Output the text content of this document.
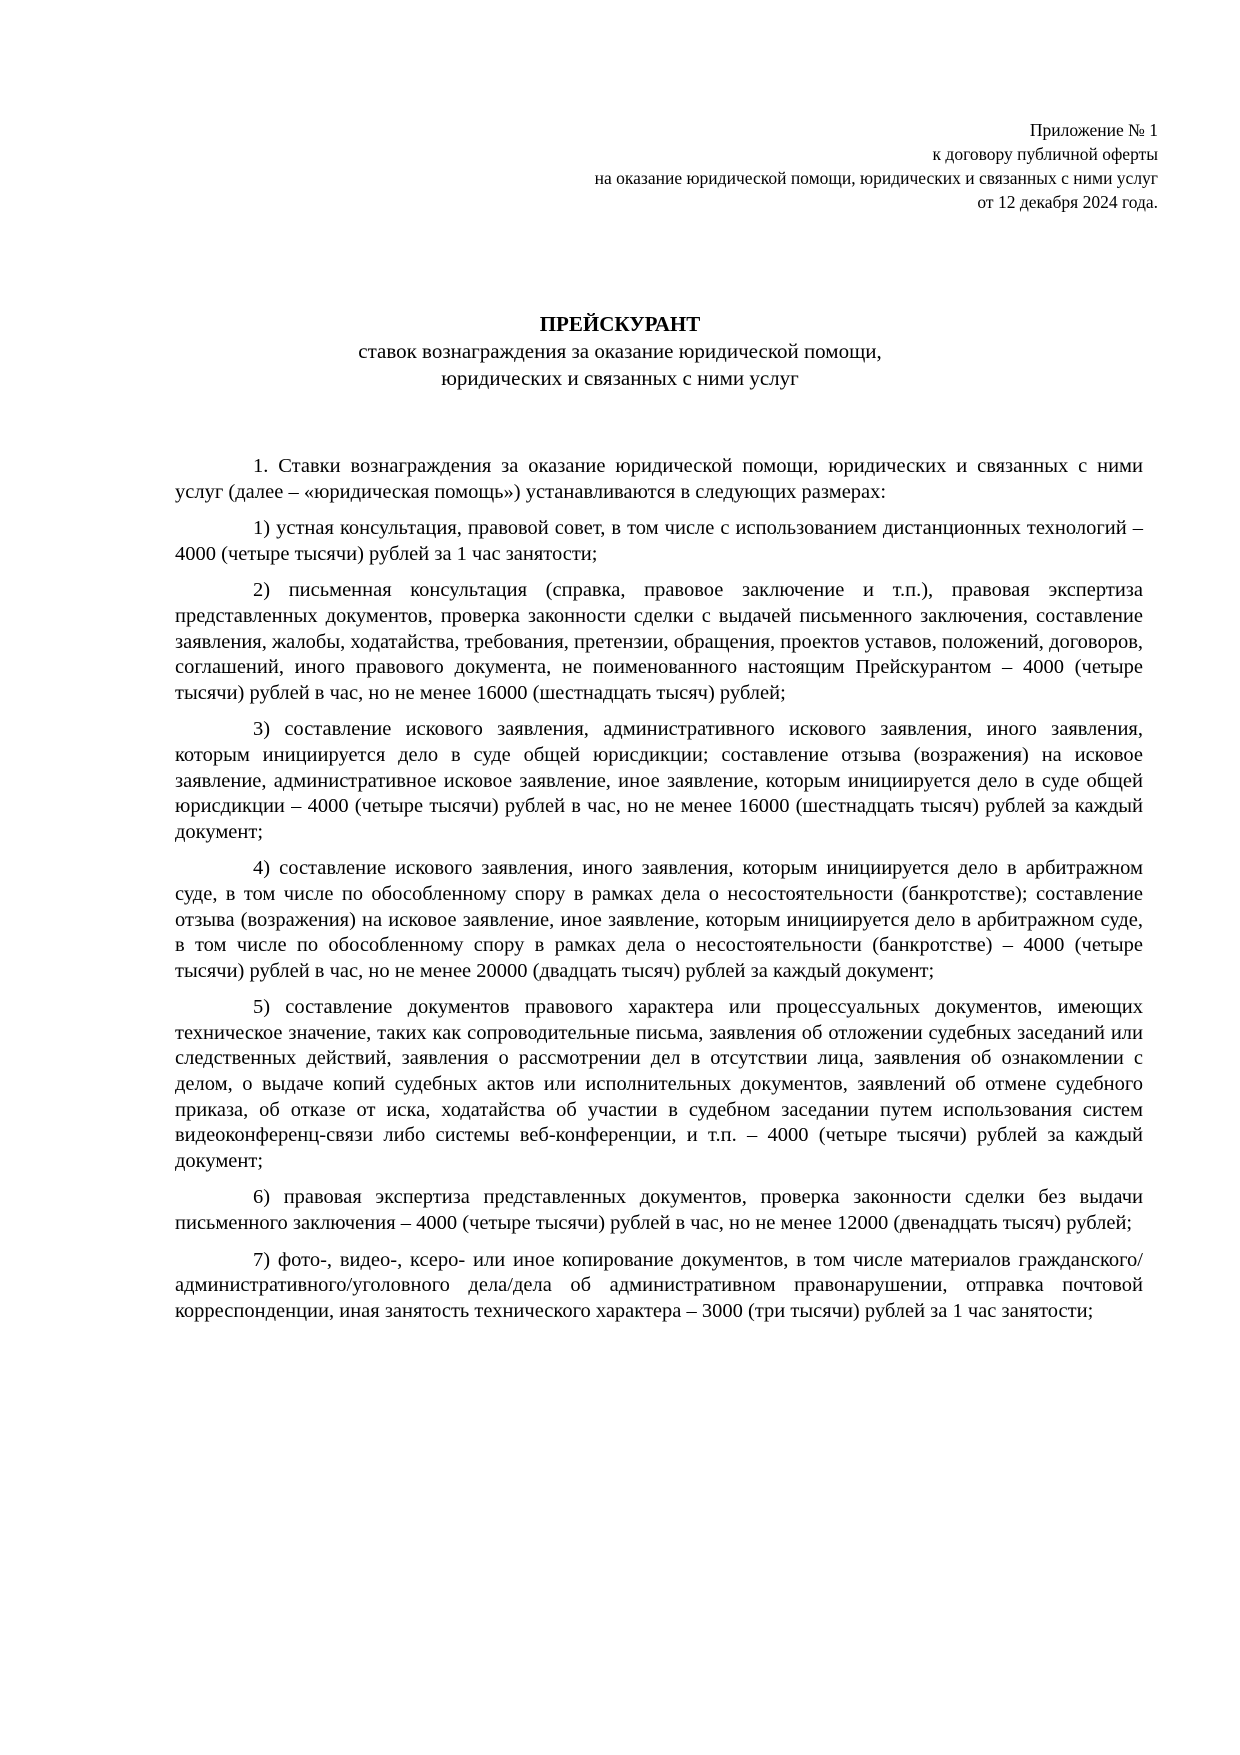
Приложение № 1
к договору публичной оферты
на оказание юридической помощи, юридических и связанных с ними услуг
от 12 декабря 2024 года.
ПРЕЙСКУРАНТ
ставок вознаграждения за оказание юридической помощи,
юридических и связанных с ними услуг

1. Ставки вознаграждения за оказание юридической помощи, юридических и связанных с ними услуг (далее – «юридическая помощь») устанавливаются в следующих размерах:

1) устная консультация, правовой совет, в том числе с использованием дистанционных технологий – 4000 (четыре тысячи) рублей за 1 час занятости;

2) письменная консультация (справка, правовое заключение и т.п.), правовая экспертиза представленных документов, проверка законности сделки с выдачей письменного заключения, составление заявления, жалобы, ходатайства, требования, претензии, обращения, проектов уставов, положений, договоров, соглашений, иного правового документа, не поименованного настоящим Прейскурантом – 4000 (четыре тысячи) рублей в час, но не менее 16000 (шестнадцать тысяч) рублей;

3) составление искового заявления, административного искового заявления, иного заявления, которым инициируется дело в суде общей юрисдикции; составление отзыва (возражения) на исковое заявление, административное исковое заявление, иное заявление, которым инициируется дело в суде общей юрисдикции – 4000 (четыре тысячи) рублей в час, но не менее 16000 (шестнадцать тысяч) рублей за каждый документ;

4) составление искового заявления, иного заявления, которым инициируется дело в арбитражном суде, в том числе по обособленному спору в рамках дела о несостоятельности (банкротстве); составление отзыва (возражения) на исковое заявление, иное заявление, которым инициируется дело в арбитражном суде, в том числе по обособленному спору в рамках дела о несостоятельности (банкротстве) – 4000 (четыре тысячи) рублей в час, но не менее 20000 (двадцать тысяч) рублей за каждый документ;

5) составление документов правового характера или процессуальных документов, имеющих техническое значение, таких как сопроводительные письма, заявления об отложении судебных заседаний или следственных действий, заявления о рассмотрении дел в отсутствии лица, заявления об ознакомлении с делом, о выдаче копий судебных актов или исполнительных документов, заявлений об отмене судебного приказа, об отказе от иска, ходатайства об участии в судебном заседании путем использования систем видеоконференц-связи либо системы веб-конференции, и т.п. – 4000 (четыре тысячи) рублей за каждый документ;

6) правовая экспертиза представленных документов, проверка законности сделки без выдачи письменного заключения – 4000 (четыре тысячи) рублей в час, но не менее 12000 (двенадцать тысяч) рублей;

7) фото-, видео-, ксеро- или иное копирование документов, в том числе материалов гражданского/административного/уголовного дела/дела об административном правонарушении, отправка почтовой корреспонденции, иная занятость технического характера – 3000 (три тысячи) рублей за 1 час занятости;
